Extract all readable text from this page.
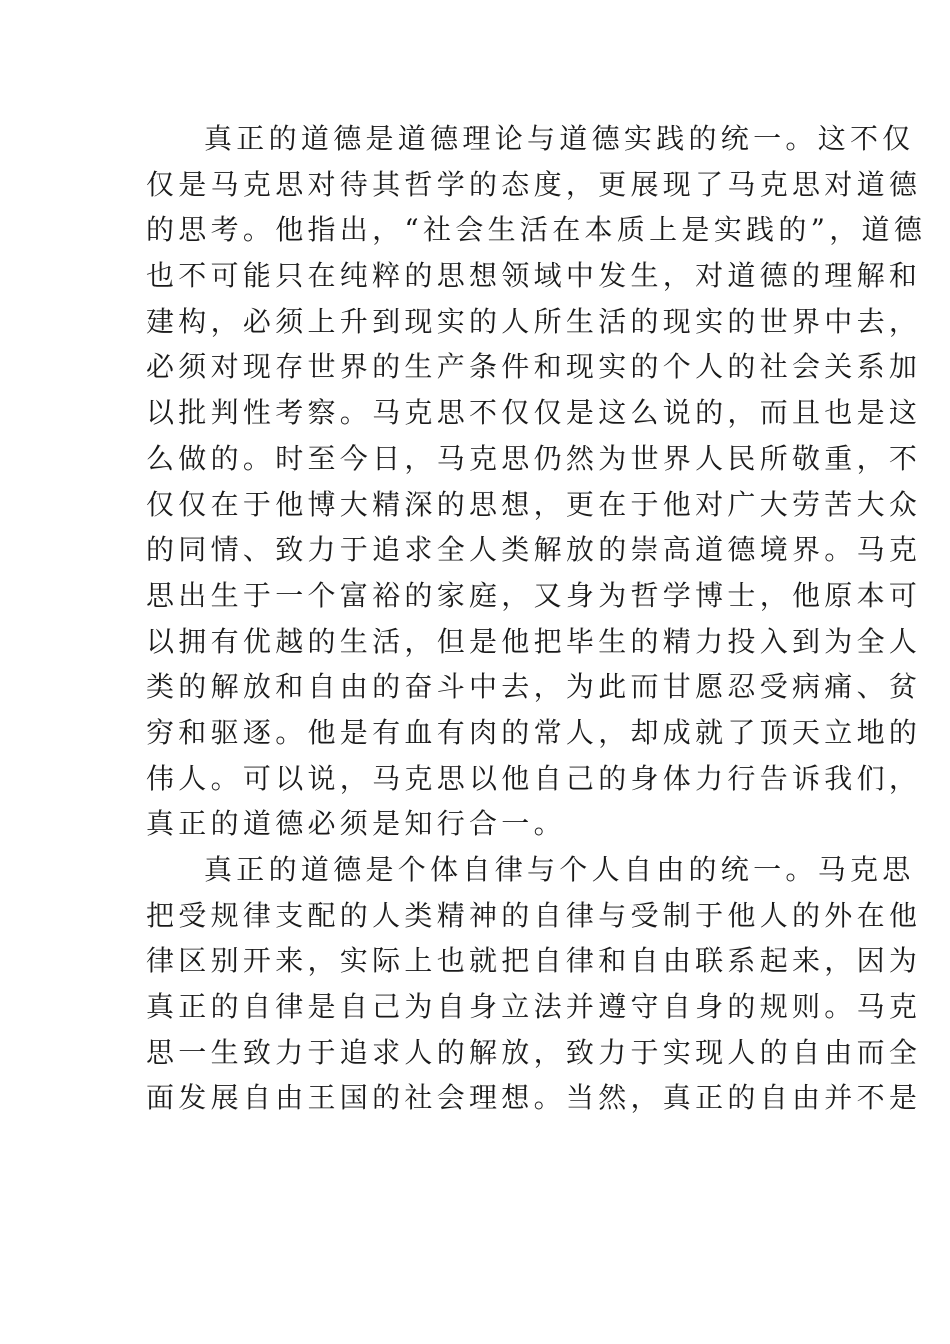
真正的道德是道德理论与道德实践的统一。这不仅
仅是马克思对待其哲学的态度，更展现了马克思对道德
的思考。他指出，“社会生活在本质上是实践的”，道德
也不可能只在纯粹的思想领域中发生，对道德的理解和
建构，必须上升到现实的人所生活的现实的世界中去，
必须对现存世界的生产条件和现实的个人的社会关系加
以批判性考察。马克思不仅仅是这么说的，而且也是这
么做的。时至今日，马克思仍然为世界人民所敬重，不
仅仅在于他博大精深的思想，更在于他对广大劳苦大众
的同情、致力于追求全人类解放的崇高道德境界。马克
思出生于一个富裕的家庭，又身为哲学博士，他原本可
以拥有优越的生活，但是他把毕生的精力投入到为全人
类的解放和自由的奋斗中去，为此而甘愿忍受病痛、贫
穷和驱逐。他是有血有肉的常人，却成就了顶天立地的
伟人。可以说，马克思以他自己的身体力行告诉我们，
真正的道德必须是知行合一。
真正的道德是个体自律与个人自由的统一。马克思
把受规律支配的人类精神的自律与受制于他人的外在他
律区别开来，实际上也就把自律和自由联系起来，因为
真正的自律是自己为自身立法并遵守自身的规则。马克
思一生致力于追求人的解放，致力于实现人的自由而全
面发展自由王国的社会理想。当然，真正的自由并不是
